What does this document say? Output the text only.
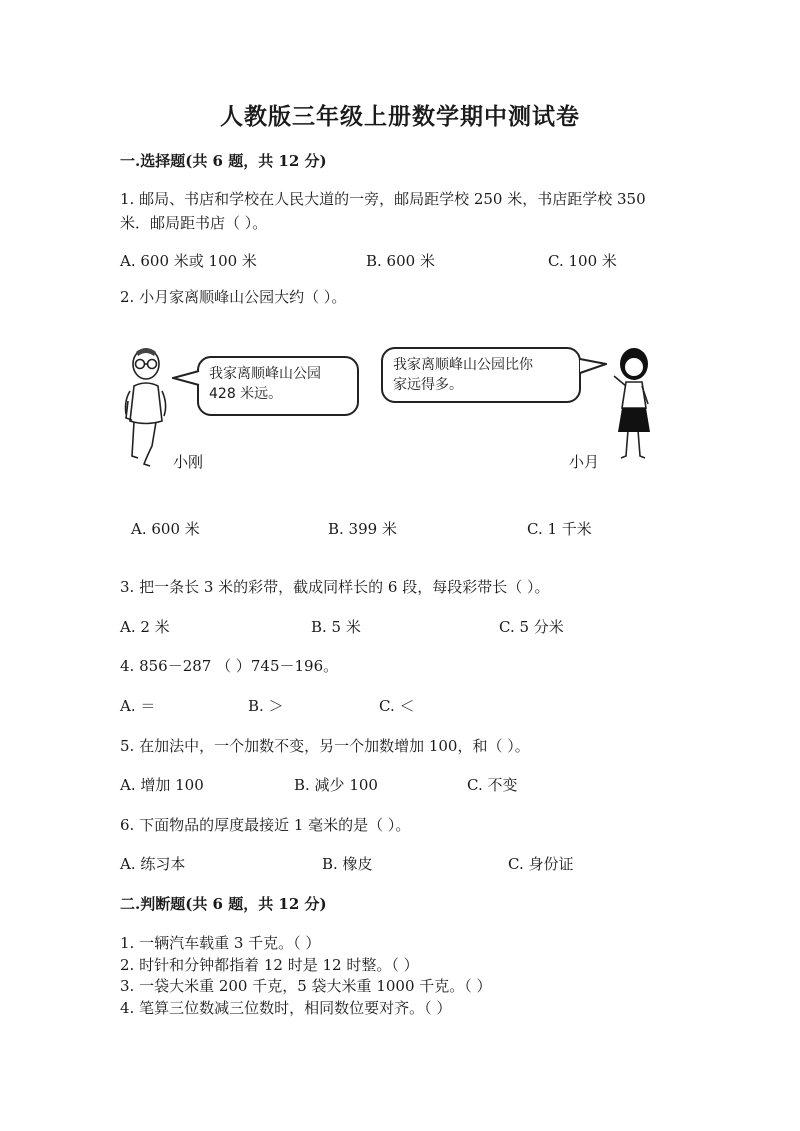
人教版三年级上册数学期中测试卷
一.选择题(共 6 题，共 12 分)
1. 邮局、书店和学校在人民大道的一旁，邮局距学校 250 米，书店距学校 350
米．邮局距书店（ ）。
A. 600 米或 100 米	B. 600 米	C. 100 米
2. 小月家离顺峰山公园大约（ ）。
我家离顺峰山公园
428 米远。
小刚
我家离顺峰山公园比你
家远得多。
小月
A. 600 米	B. 399 米	C. 1 千米
3. 把一条长 3 米的彩带，截成同样长的 6 段，每段彩带长（ ）。
A. 2 米	B. 5 米	C. 5 分米
4. 856－287 （ ）745－196。
A. ＝	B. ＞	C. ＜
5. 在加法中，一个加数不变，另一个加数增加 100，和（ ）。
A. 增加 100	B. 减少 100	C. 不变
6. 下面物品的厚度最接近 1 毫米的是（ ）。
A. 练习本	B. 橡皮	C. 身份证
二.判断题(共 6 题，共 12 分)
1. 一辆汽车载重 3 千克。（ ）
2. 时针和分钟都指着 12 时是 12 时整。（ ）
3. 一袋大米重 200 千克，5 袋大米重 1000 千克。（ ）
4. 笔算三位数减三位数时，相同数位要对齐。（ ）
